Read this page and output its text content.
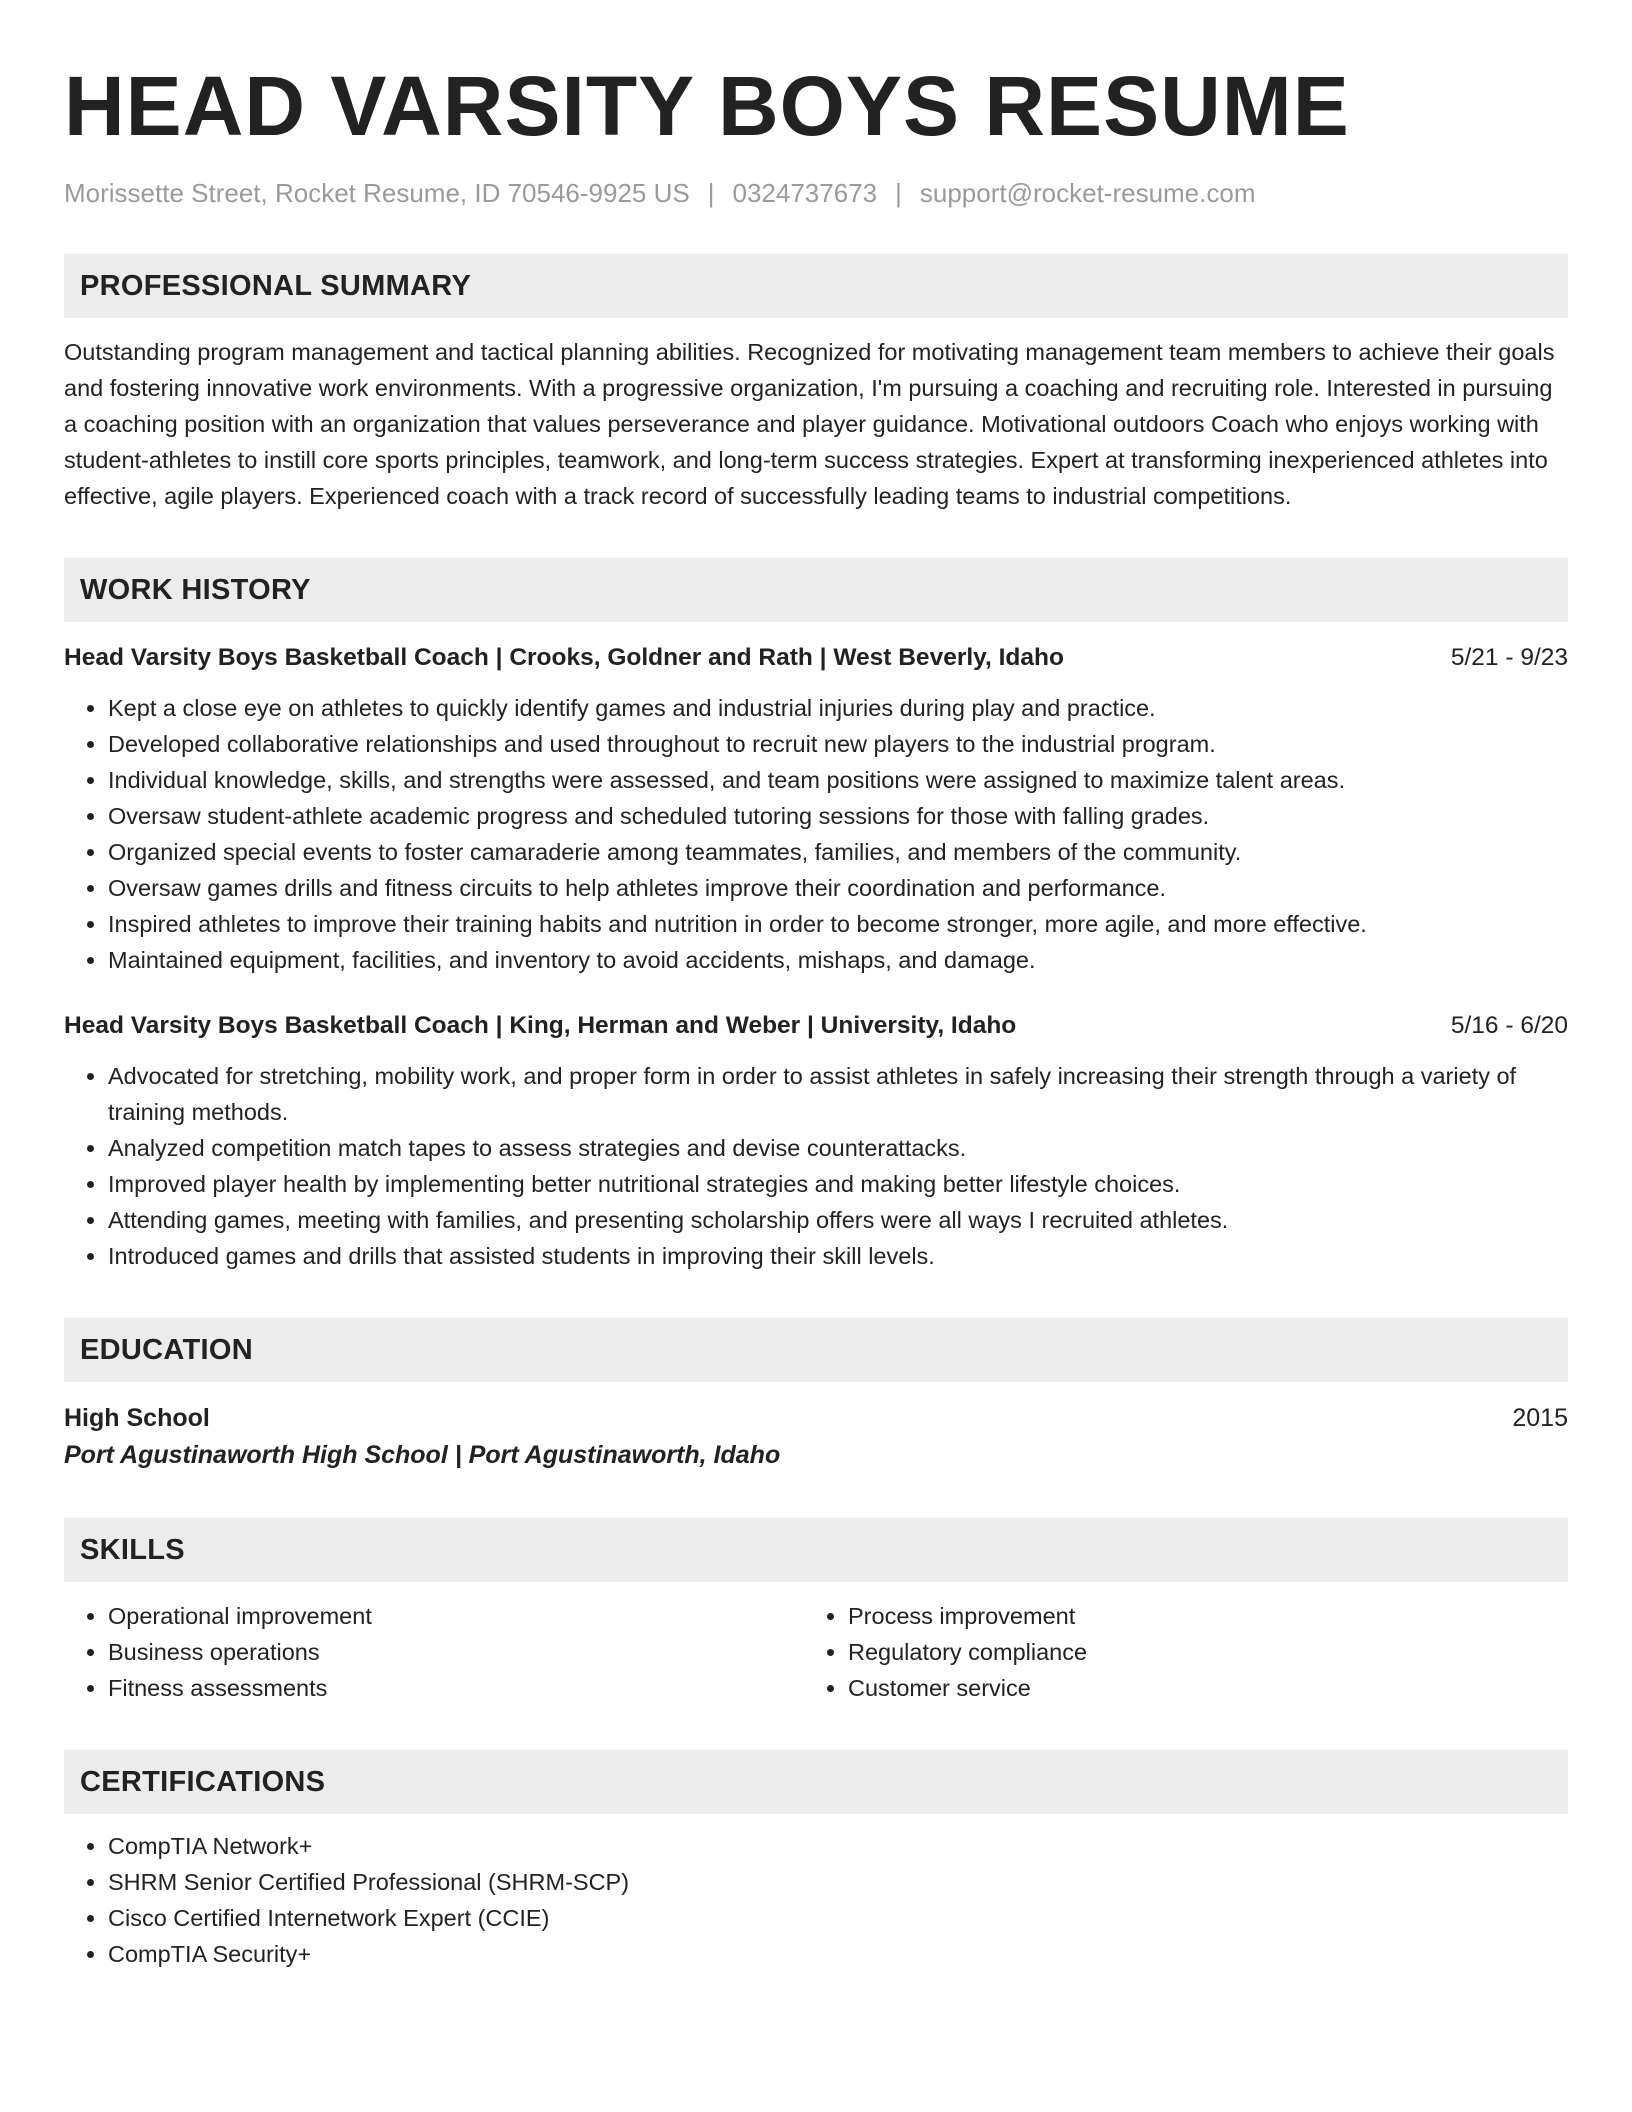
HEAD VARSITY BOYS RESUME
Morissette Street, Rocket Resume, ID 70546-9925 US | 0324737673 | support@rocket-resume.com
PROFESSIONAL SUMMARY
Outstanding program management and tactical planning abilities. Recognized for motivating management team members to achieve their goals and fostering innovative work environments. With a progressive organization, I'm pursuing a coaching and recruiting role. Interested in pursuing a coaching position with an organization that values perseverance and player guidance. Motivational outdoors Coach who enjoys working with student-athletes to instill core sports principles, teamwork, and long-term success strategies. Expert at transforming inexperienced athletes into effective, agile players. Experienced coach with a track record of successfully leading teams to industrial competitions.
WORK HISTORY
Head Varsity Boys Basketball Coach | Crooks, Goldner and Rath | West Beverly, Idaho	5/21 - 9/23
• Kept a close eye on athletes to quickly identify games and industrial injuries during play and practice.
• Developed collaborative relationships and used throughout to recruit new players to the industrial program.
• Individual knowledge, skills, and strengths were assessed, and team positions were assigned to maximize talent areas.
• Oversaw student-athlete academic progress and scheduled tutoring sessions for those with falling grades.
• Organized special events to foster camaraderie among teammates, families, and members of the community.
• Oversaw games drills and fitness circuits to help athletes improve their coordination and performance.
• Inspired athletes to improve their training habits and nutrition in order to become stronger, more agile, and more effective.
• Maintained equipment, facilities, and inventory to avoid accidents, mishaps, and damage.
Head Varsity Boys Basketball Coach | King, Herman and Weber | University, Idaho	5/16 - 6/20
• Advocated for stretching, mobility work, and proper form in order to assist athletes in safely increasing their strength through a variety of training methods.
• Analyzed competition match tapes to assess strategies and devise counterattacks.
• Improved player health by implementing better nutritional strategies and making better lifestyle choices.
• Attending games, meeting with families, and presenting scholarship offers were all ways I recruited athletes.
• Introduced games and drills that assisted students in improving their skill levels.
EDUCATION
High School	2015
Port Agustinaworth High School | Port Agustinaworth, Idaho
SKILLS
• Operational improvement
• Business operations
• Fitness assessments
• Process improvement
• Regulatory compliance
• Customer service
CERTIFICATIONS
• CompTIA Network+
• SHRM Senior Certified Professional (SHRM-SCP)
• Cisco Certified Internetwork Expert (CCIE)
• CompTIA Security+
